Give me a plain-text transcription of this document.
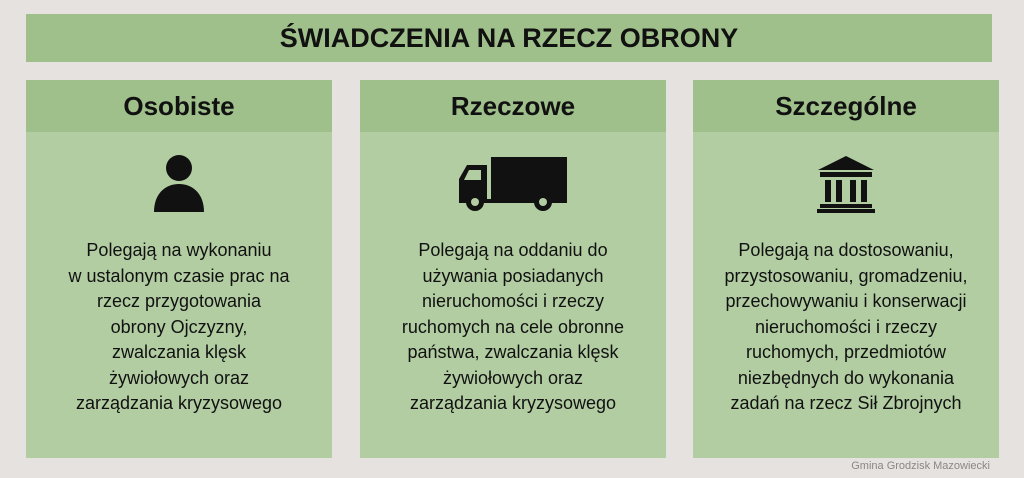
ŚWIADCZENIA NA RZECZ OBRONY
Osobiste
Polegają na wykonaniu
w ustalonym czasie prac na
rzecz przygotowania
obrony Ojczyzny,
zwalczania klęsk
żywiołowych oraz
zarządzania kryzysowego
Rzeczowe
Polegają na oddaniu do
używania posiadanych
nieruchomości i rzeczy
ruchomych na cele obronne
państwa, zwalczania klęsk
żywiołowych oraz
zarządzania kryzysowego
Szczególne
Polegają na dostosowaniu,
przystosowaniu, gromadzeniu,
przechowywaniu i konserwacji
nieruchomości i rzeczy
ruchomych, przedmiotów
niezbędnych do wykonania
zadań na rzecz Sił Zbrojnych
Gmina Grodzisk Mazowiecki
